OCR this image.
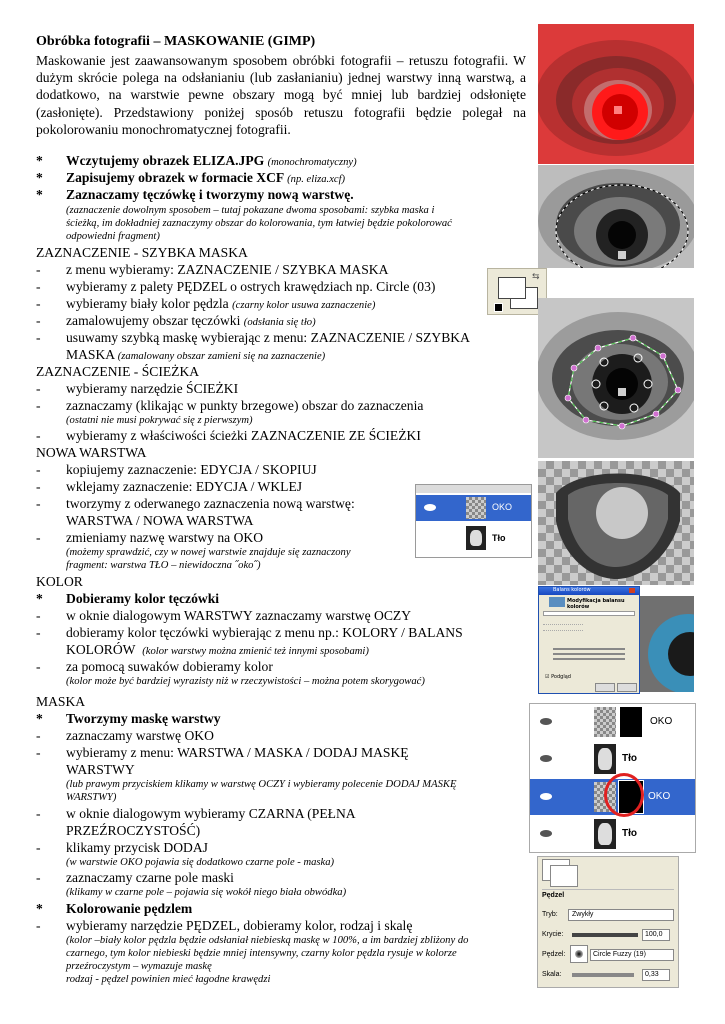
Obróbka fotografii – MASKOWANIE (GIMP)
Maskowanie jest zaawansowanym sposobem obróbki fotografii – retuszu fotografii. W dużym skrócie polega na odsłanianiu (lub zasłanianiu) jednej warstwy inną warstwą, a dodatkowo, na warstwie pewne obszary mogą być mniej lub bardziej odsłonięte (zasłonięte). Przedstawiony poniżej sposób retuszu fotografii będzie polegał na pokolorowaniu monochromatycznej fotografii.
* Wczytujemy obrazek ELIZA.JPG (monochromatyczny)
* Zapisujemy obrazek w formacie XCF (np. eliza.xcf)
* Zaznaczamy tęczówkę i tworzymy nową warstwę.
(zaznaczenie dowolnym sposobem – tutaj pokazane dwoma sposobami: szybka maska i
ścieżką, im dokładniej zaznaczymy obszar do kolorowania, tym łatwiej będzie pokolorować
odpowiedni fragment)
ZAZNACZENIE - SZYBKA MASKA
- z menu wybieramy: ZAZNACZENIE / SZYBKA MASKA
- wybieramy z palety PĘDZEL o ostrych krawędziach np. Circle (03)
- wybieramy biały kolor pędzla (czarny kolor usuwa zaznaczenie)
- zamalowujemy obszar tęczówki (odsłania się tło)
- usuwamy szybką maskę wybierając z menu: ZAZNACZENIE / SZYBKA
MASKA (zamalowany obszar zamieni się na zaznaczenie)
ZAZNACZENIE - ŚCIEŻKA
- wybieramy narzędzie ŚCIEŻKI
- zaznaczamy (klikając w punkty brzegowe) obszar do zaznaczenia
(ostatni nie musi pokrywać się z pierwszym)
- wybieramy z właściwości ścieżki ZAZNACZENIE ZE ŚCIEŻKI
NOWA WARSTWA
- kopiujemy zaznaczenie: EDYCJA / SKOPIUJ
- wklejamy zaznaczenie: EDYCJA / WKLEJ
- tworzymy z oderwanego zaznaczenia nową warstwę:
WARSTWA / NOWA WARSTWA
- zmieniamy nazwę warstwy na OKO
(możemy sprawdzić, czy w nowej warstwie znajduje się zaznaczony
fragment: warstwa TŁO – niewidoczna ˝oko˝)
KOLOR
* Dobieramy kolor tęczówki
- w oknie dialogowym WARSTWY zaznaczamy warstwę OCZY
- dobieramy kolor tęczówki wybierając z menu np.: KOLORY / BALANS
KOLORÓW (kolor warstwy można zmienić też innymi sposobami)
- za pomocą suwaków dobieramy kolor
(kolor może być bardziej wyrazisty niż w rzeczywistości – można potem skorygować)
MASKA
* Tworzymy maskę warstwy
- zaznaczamy warstwę OKO
- wybieramy z menu: WARSTWA / MASKA / DODAJ MASKĘ
WARSTWY
(lub prawym przyciskiem klikamy w warstwę OCZY i wybieramy polecenie DODAJ MASKĘ
WARSTWY)
- w oknie dialogowym wybieramy CZARNA (PEŁNA
PRZEŹROCZYSTOŚĆ)
- klikamy przycisk DODAJ
(w warstwie OKO pojawia się dodatkowo czarne pole - maska)
- zaznaczamy czarne pole maski
(klikamy w czarne pole – pojawia się wokół niego biała obwódka)
* Kolorowanie pędzlem
- wybieramy narzędzie PĘDZEL, dobieramy kolor, rodzaj i skalę
(kolor –biały kolor pędzla będzie odsłaniał niebieską maskę w 100%, a im bardziej zbliżony do
czarnego, tym kolor niebieski będzie mniej intensywny, czarny kolor pędzla rysuje w kolorze
przeźroczystym – wymazuje maskę
rodzaj - pędzel powinien mieć łagodne krawędzi
⇆
OKO
Tło
Balans kolorów
Modyfikacja balansu kolorów
☑ Podgląd
OKO
Tło
OKO
Tło
Pędzel
Tryb: Zwykły
Krycie:	100,0
Pędzel:	Circle Fuzzy (19)
Skala:	0,33
